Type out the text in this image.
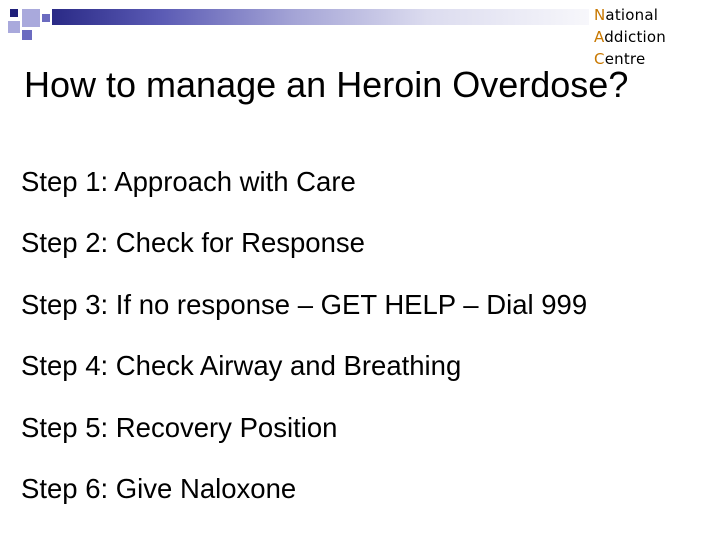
National
Addiction
Centre
How to manage an Heroin Overdose?
Step 1: Approach with Care
Step 2: Check for Response
Step 3: If no response – GET HELP – Dial 999
Step 4: Check Airway and Breathing
Step 5: Recovery Position
Step 6: Give Naloxone
